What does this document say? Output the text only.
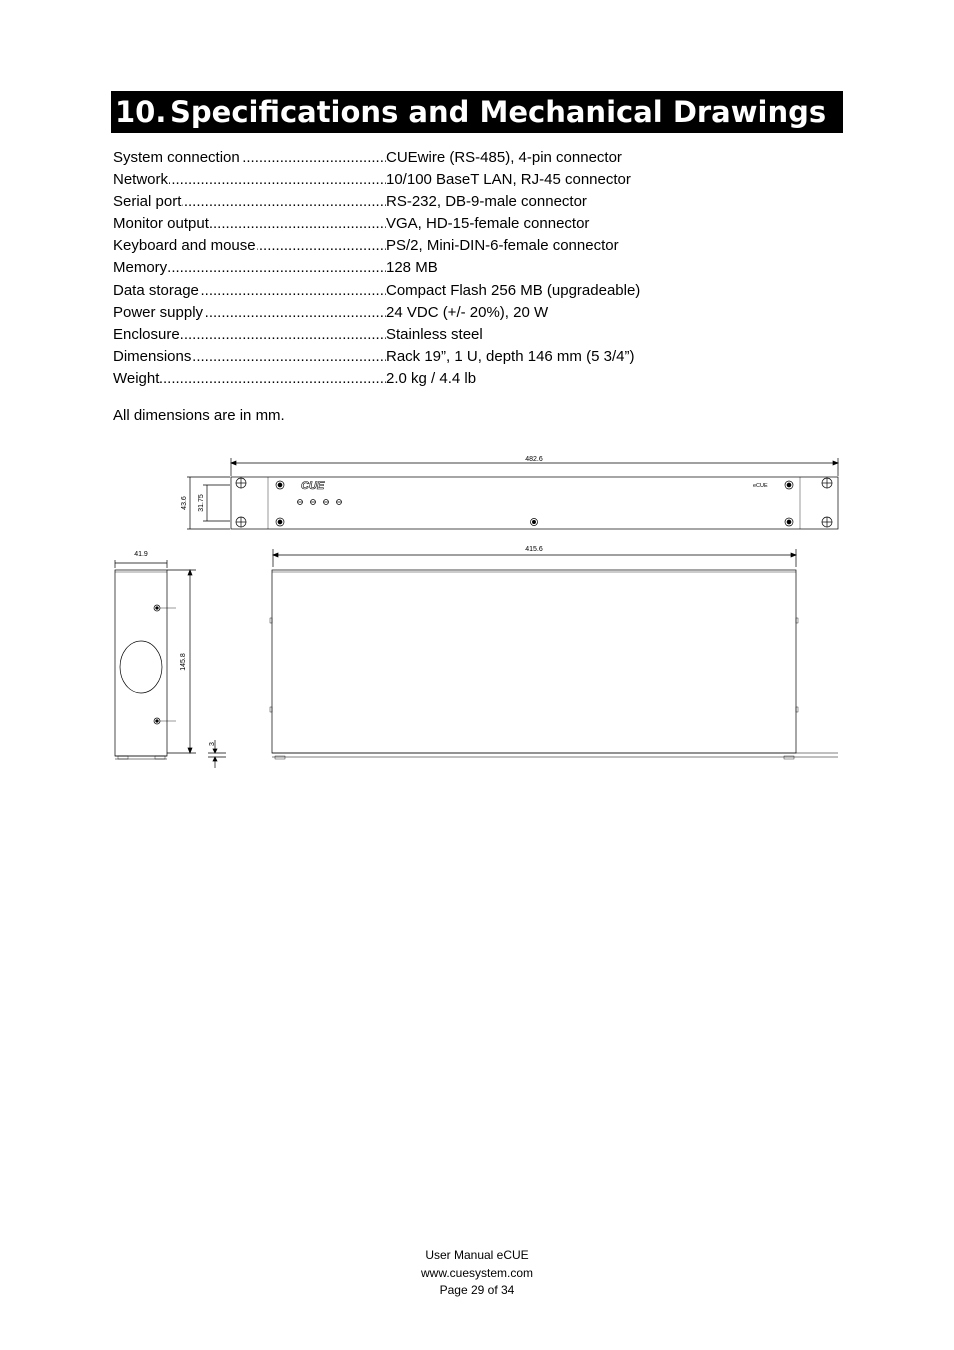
10. Specifications and Mechanical Drawings
System connection .....	CUEwire (RS-485), 4-pin connector
Network .....	10/100 BaseT LAN, RJ-45 connector
Serial port .....	RS-232, DB-9-male connector
Monitor output .....	VGA, HD-15-female connector
Keyboard and mouse .....	PS/2, Mini-DIN-6-female connector
Memory .....	128 MB
Data storage .....	Compact Flash 256 MB (upgradeable)
Power supply .....	24 VDC (+/- 20%), 20 W
Enclosure .....	Stainless steel
Dimensions .....	Rack 19”, 1 U, depth 146 mm (5 3/4”)
Weight .....	2.0 kg / 4.4 lb
All dimensions are in mm.
482.6
CUE	eCUE
43.6 31.75
41.9
145.8
3
415.6
User Manual eCUE
www.cuesystem.com
Page 29 of 34
